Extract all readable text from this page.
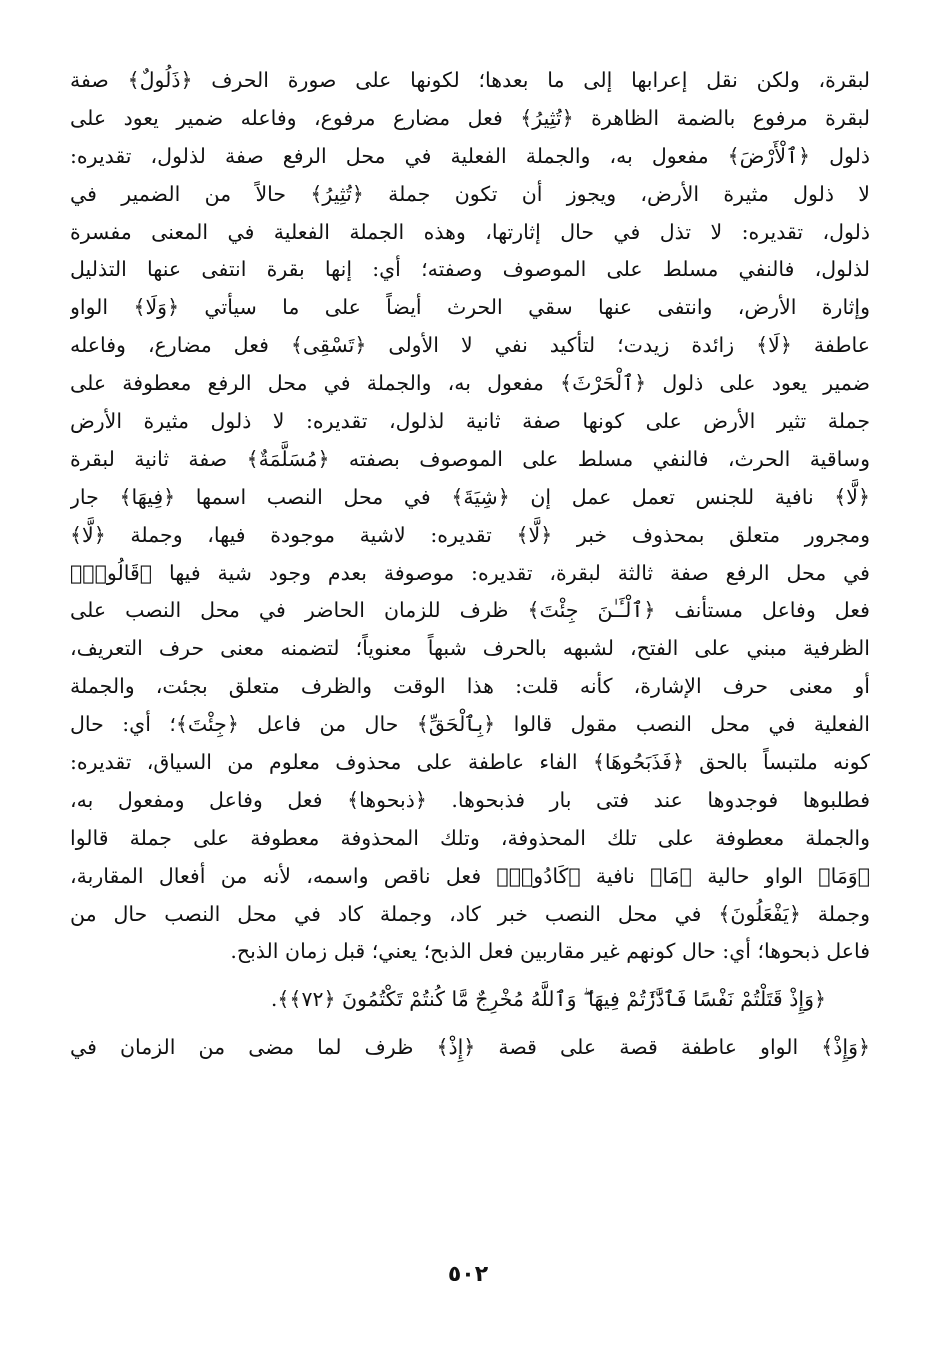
لبقرة، ولكن نقل إعرابها إلى ما بعدها؛ لكونها على صورة الحرف ﴿ذَلُولٌ﴾ صفة
لبقرة مرفوع بالضمة الظاهرة ﴿تُثِيرُ﴾ فعل مضارع مرفوع، وفاعله ضمير يعود على
ذلول ﴿ٱلْأَرْضَ﴾ مفعول به، والجملة الفعلية في محل الرفع صفة لذلول، تقديره:
لا ذلول مثيرة الأرض، ويجوز أن تكون جملة ﴿تُثِيرُ﴾ حالاً من الضمير في
ذلول، تقديره: لا تذل في حال إثارتها، وهذه الجملة الفعلية في المعنى مفسرة
لذلول، فالنفي مسلط على الموصوف وصفته؛ أي: إنها بقرة انتفى عنها التذليل
وإثارة الأرض، وانتفى عنها سقي الحرث أيضاً على ما سيأتي ﴿وَلَا﴾ الواو
عاطفة ﴿لَا﴾ زائدة زيدت؛ لتأكيد نفي لا الأولى ﴿تَسْقِى﴾ فعل مضارع، وفاعله
ضمير يعود على ذلول ﴿ٱلْحَرْثَ﴾ مفعول به، والجملة في محل الرفع معطوفة على
جملة تثير الأرض على كونها صفة ثانية لذلول، تقديره: لا ذلول مثيرة الأرض
وساقية الحرث، فالنفي مسلط على الموصوف بصفته ﴿مُسَلَّمَةٌ﴾ صفة ثانية لبقرة
﴿لَّا﴾ نافية للجنس تعمل عمل إن ﴿شِيَةَ﴾ في محل النصب اسمها ﴿فِيهَا﴾ جار
ومجرور متعلق بمحذوف خبر ﴿لَّا﴾ تقديره: لاشية موجودة فيها، وجملة ﴿لَّا﴾
في محل الرفع صفة ثالثة لبقرة، تقديره: موصوفة بعدم وجود شية فيها ﴿قَالُوا۟﴾
فعل وفاعل مستأنف ﴿ٱلْـَٔـٰنَ جِئْتَ﴾ ظرف للزمان الحاضر في محل النصب على
الظرفية مبني على الفتح، لشبهه بالحرف شبهاً معنوياً؛ لتضمنه معنى حرف التعريف،
أو معنى حرف الإشارة، كأنه قلت: هذا الوقت والظرف متعلق بجئت، والجملة
الفعلية في محل النصب مقول قالوا ﴿بِٱلْحَقِّ﴾ حال من فاعل ﴿جِئْتَ﴾؛ أي: حال
كونه ملتبساً بالحق ﴿فَذَبَحُوهَا﴾ الفاء عاطفة على محذوف معلوم من السياق، تقديره:
فطلبوها فوجدوها عند فتى بار فذبحوها. ﴿ذبحوها﴾ فعل وفاعل ومفعول به،
والجملة معطوفة على تلك المحذوفة، وتلك المحذوفة معطوفة على جملة قالوا
﴿وَمَا﴾ الواو حالية ﴿مَا﴾ نافية ﴿كَادُوا۟﴾ فعل ناقص واسمه، لأنه من أفعال المقاربة،
وجملة ﴿يَفْعَلُونَ﴾ في محل النصب خبر كاد، وجملة كاد في محل النصب حال من
فاعل ذبحوها؛ أي: حال كونهم غير مقاربين فعل الذبح؛ يعني؛ قبل زمان الذبح.
﴿وَإِذْ قَتَلْتُمْ نَفْسًا فَٱدَّٰرَٰٔتُمْ فِيهَا ۖ وَٱللَّهُ مُخْرِجٌ مَّا كُنتُمْ تَكْتُمُونَ ﴿٧٢﴾﴾.
﴿وَإِذْ﴾ الواو عاطفة قصة على قصة ﴿إِذْ﴾ ظرف لما مضى من الزمان في
٥٠٢
